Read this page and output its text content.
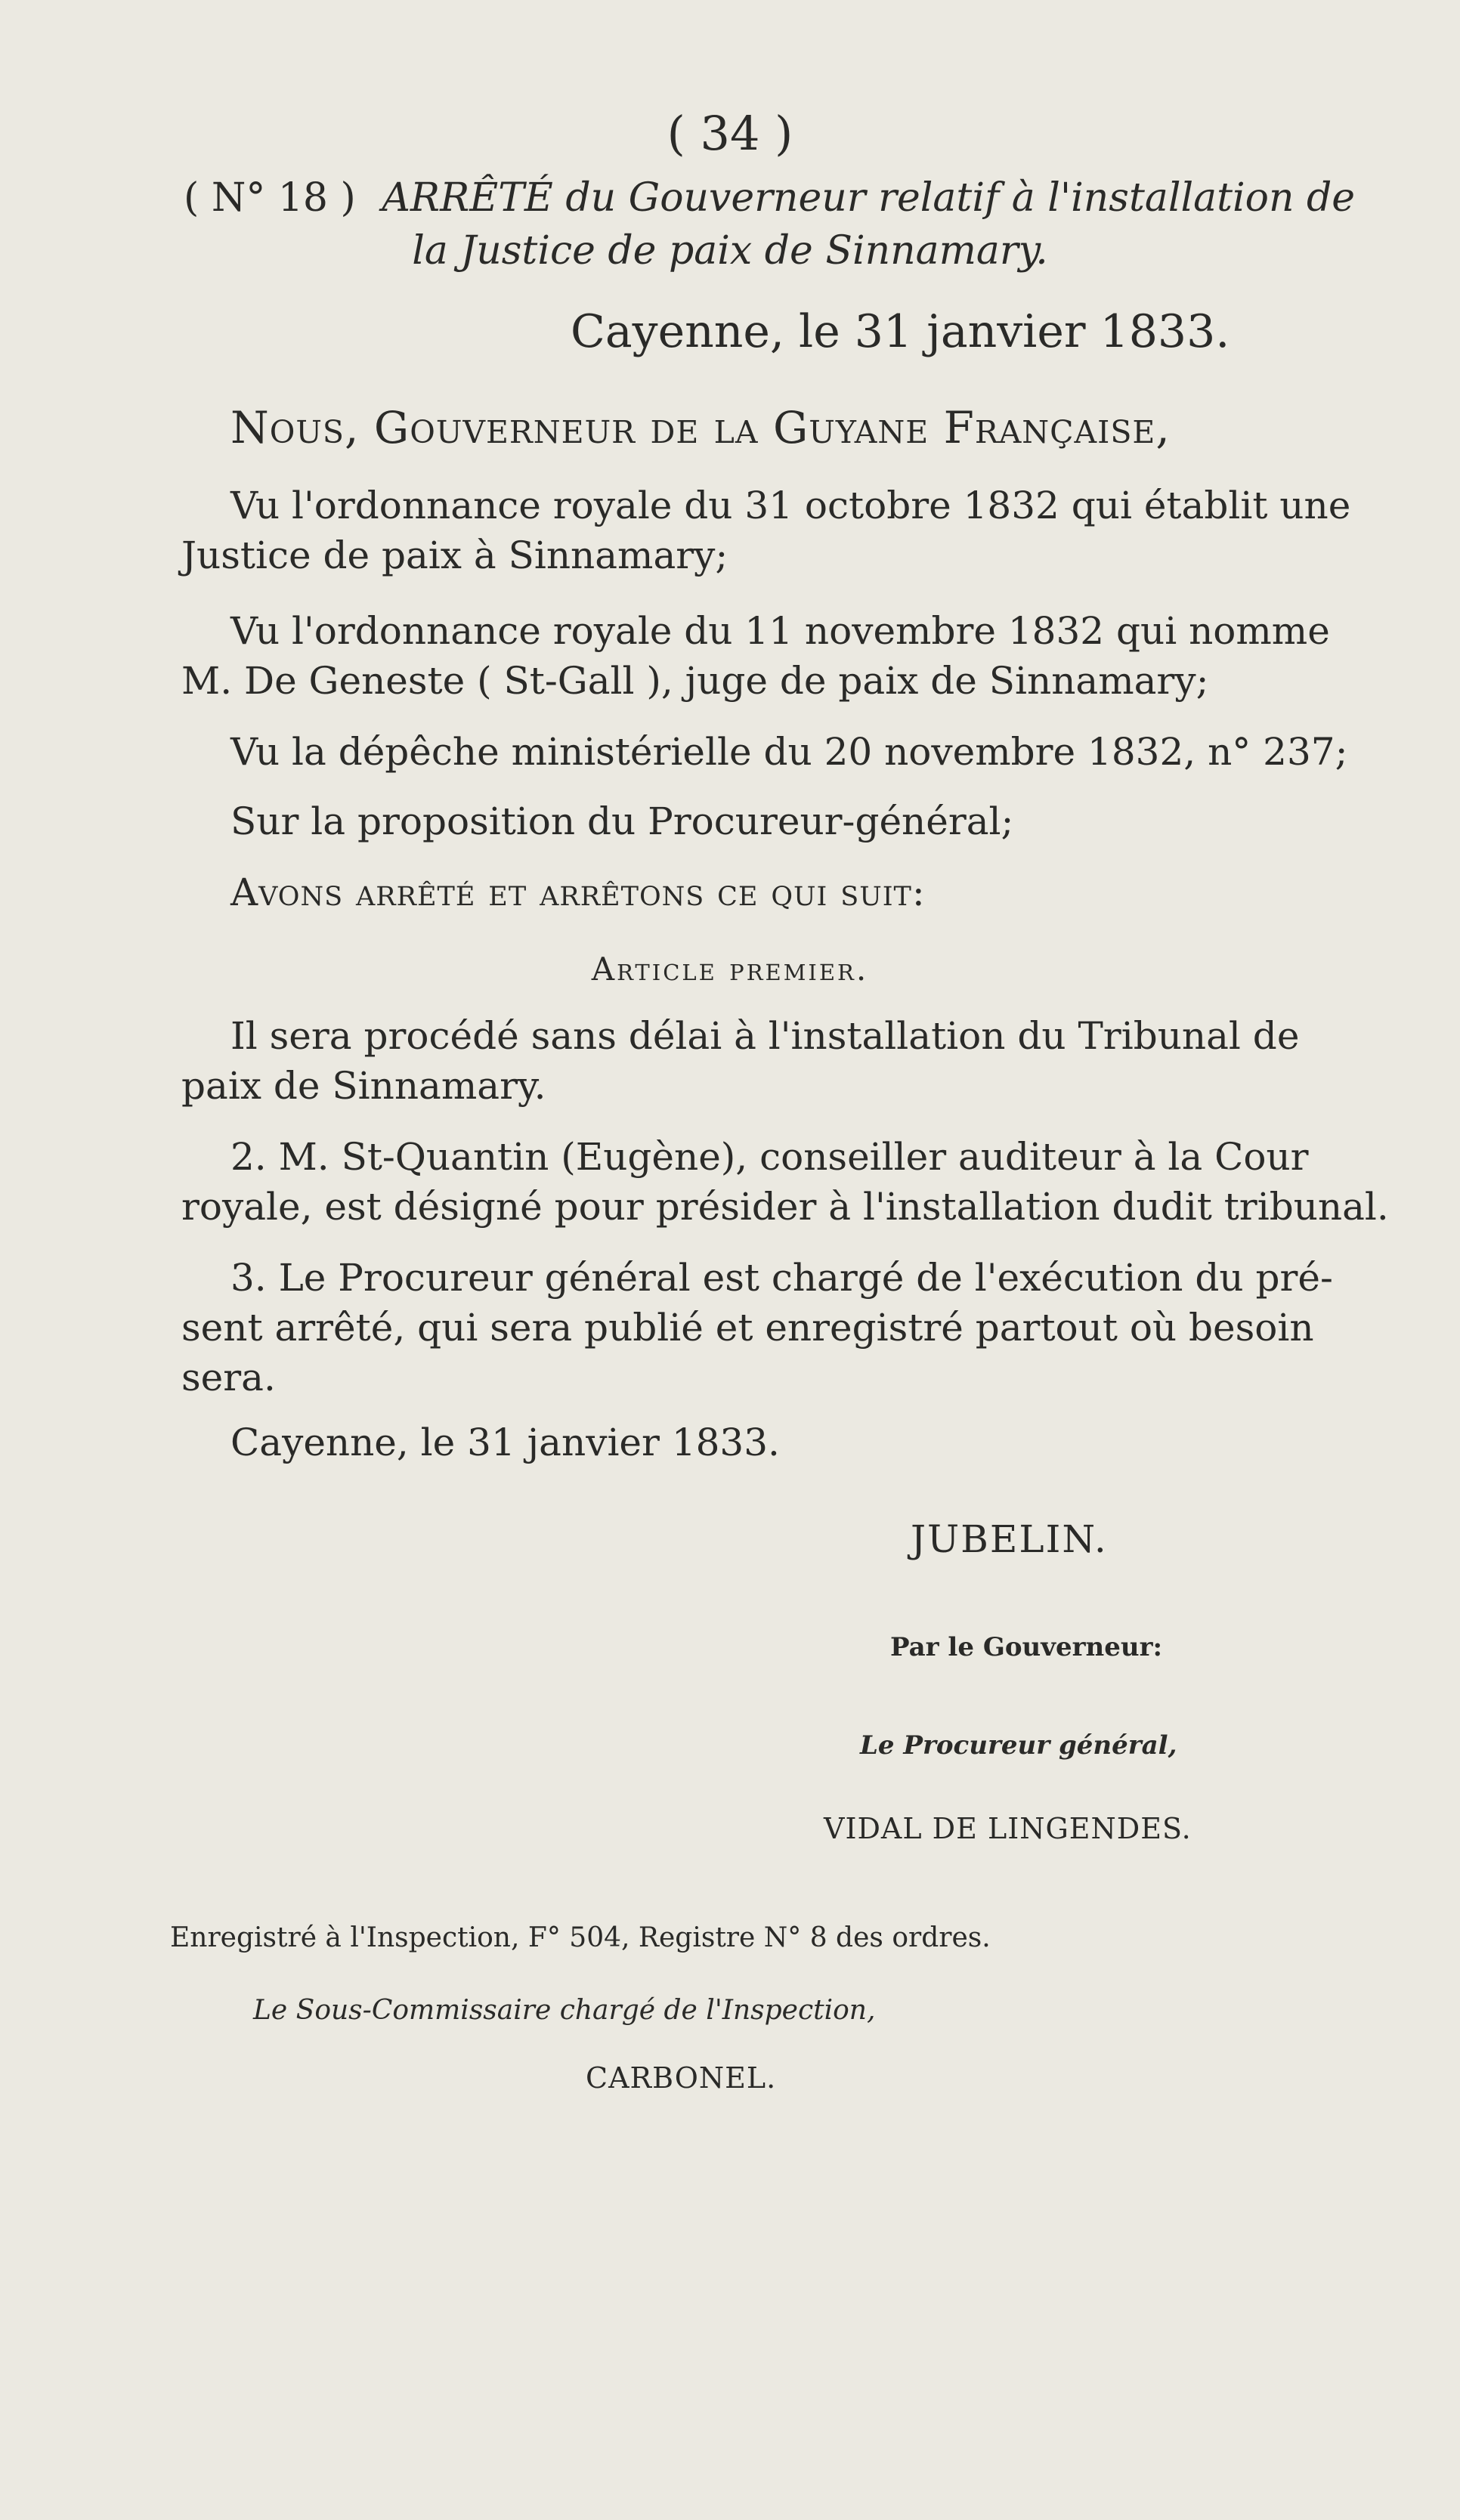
( 34 )
( N° 18 ) ARRÊTÉ du Gouverneur relatif à l'installation de
la Justice de paix de Sinnamary.
Cayenne, le 31 janvier 1833.
Nous, Gouverneur de la Guyane Française,
Vu l'ordonnance royale du 31 octobre 1832 qui établit une
Justice de paix à Sinnamary;
Vu l'ordonnance royale du 11 novembre 1832 qui nomme
M. De Geneste ( St-Gall ), juge de paix de Sinnamary;
Vu la dépêche ministérielle du 20 novembre 1832, n° 237;
Sur la proposition du Procureur-général;
Avons arrêté et arrêtons ce qui suit:
Article premier.
Il sera procédé sans délai à l'installation du Tribunal de
paix de Sinnamary.
2. M. St-Quantin (Eugène), conseiller auditeur à la Cour
royale, est désigné pour présider à l'installation dudit tribunal.
3. Le Procureur général est chargé de l'exécution du pré-
sent arrêté, qui sera publié et enregistré partout où besoin
sera.
Cayenne, le 31 janvier 1833.
JUBELIN.
Par le Gouverneur:
Le Procureur général,
VIDAL DE LINGENDES.
Enregistré à l'Inspection, F° 504, Registre N° 8 des ordres.
Le Sous-Commissaire chargé de l'Inspection,
CARBONEL.
